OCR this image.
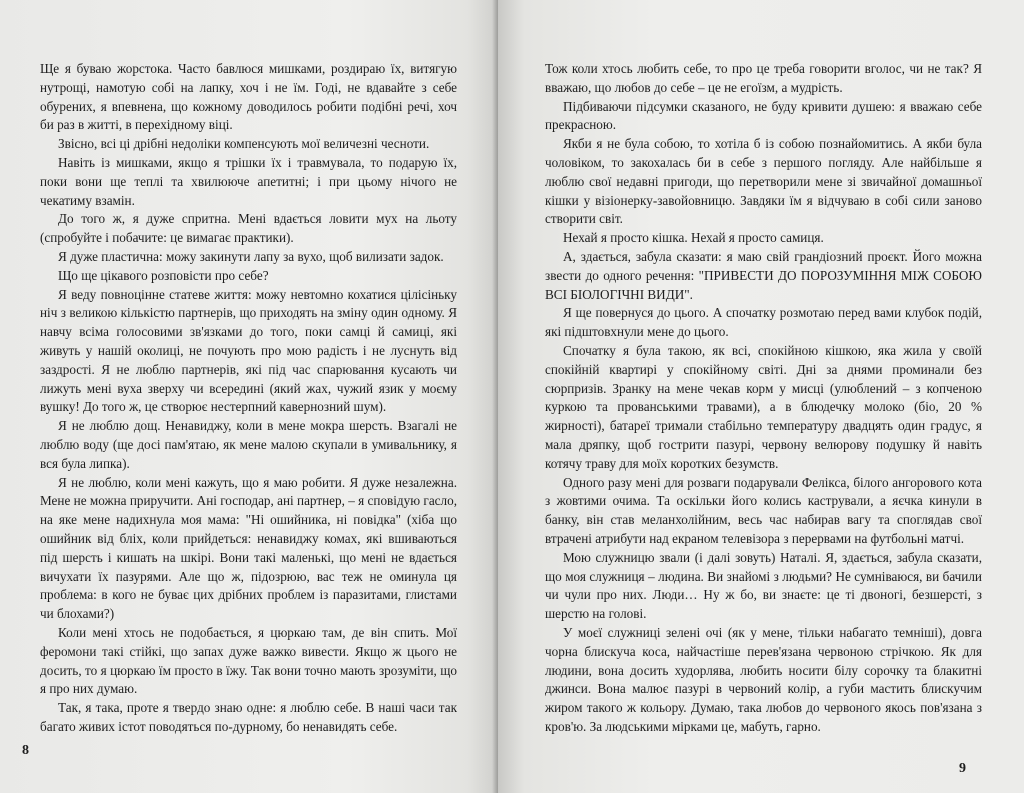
Ще я буваю жорстока. Часто бавлюся мишками, роздираю їх, витягую нутрощі, намотую собі на лапку, хоч і не їм. Годі, не вдавайте з себе обурених, я впевнена, що кожному доводилось робити подібні речі, хоч би раз в житті, в перехідному віці.

Звісно, всі ці дрібні недоліки компенсують мої величезні чесноти.

Навіть із мишками, якщо я трішки їх і травмувала, то подарую їх, поки вони ще теплі та хвилююче апетитні; і при цьому нічого не чекатиму взамін.

До того ж, я дуже спритна. Мені вдається ловити мух на льоту (спробуйте і побачите: це вимагає практики).

Я дуже пластична: можу закинути лапу за вухо, щоб вилизати задок.

Що ще цікавого розповісти про себе?

Я веду повноцінне статеве життя: можу невтомно кохатися цілісіньку ніч з великою кількістю партнерів, що приходять на зміну один одному. Я навчу всіма голосовими зв'язками до того, поки самці й самиці, які живуть у нашій околиці, не почують про мою радість і не луснуть від заздрості. Я не люблю партнерів, які під час спарювання кусають чи лижуть мені вуха зверху чи всередині (який жах, чужий язик у моєму вушку! До того ж, це створює нестерпний кавернозний шум).

Я не люблю дощ. Ненавиджу, коли в мене мокра шерсть. Взагалі не люблю воду (ще досі пам'ятаю, як мене малою скупали в умивальнику, я вся була липка).

Я не люблю, коли мені кажуть, що я маю робити. Я дуже незалежна. Мене не можна приручити. Ані господар, ані партнер, – я сповідую гасло, на яке мене надихнула моя мама: "Ні ошийника, ні повідка" (хіба що ошийник від бліх, коли прийдеться: ненавиджу комах, які вшиваються під шерсть і кишать на шкірі. Вони такі маленькі, що мені не вдається вичухати їх пазурями. Але що ж, підозрюю, вас теж не оминула ця проблема: в кого не буває цих дрібних проблем із паразитами, глистами чи блохами?)

Коли мені хтось не подобається, я цюркаю там, де він спить. Мої феромони такі стійкі, що запах дуже важко вивести. Якщо ж цього не досить, то я цюркаю їм просто в їжу. Так вони точно мають зрозуміти, що я про них думаю.

Так, я така, проте я твердо знаю одне: я люблю себе. В наші часи так багато живих істот поводяться по-дурному, бо ненавидять себе.

8

Тож коли хтось любить себе, то про це треба говорити вголос, чи не так? Я вважаю, що любов до себе – це не егоїзм, а мудрість.

Підбиваючи підсумки сказаного, не буду кривити душею: я вважаю себе прекрасною.

Якби я не була собою, то хотіла б із собою познайомитись. А якби була чоловіком, то закохалась би в себе з першого погляду. Але найбільше я люблю свої недавні пригоди, що перетворили мене зі звичайної домашньої кішки у візіонерку-завойовницю. Завдяки їм я відчуваю в собі сили заново створити світ.

Нехай я просто кішка. Нехай я просто самиця.

А, здається, забула сказати: я маю свій грандіозний проєкт. Його можна звести до одного речення: "ПРИВЕСТИ ДО ПОРОЗУМІННЯ МІЖ СОБОЮ ВСІ БІОЛОГІЧНІ ВИДИ".

Я ще повернуся до цього. А спочатку розмотаю перед вами клубок подій, які підштовхнули мене до цього.

Спочатку я була такою, як всі, спокійною кішкою, яка жила у своїй спокійній квартирі у спокійному світі. Дні за днями проминали без сюрпризів. Зранку на мене чекав корм у мисці (улюблений – з копченою куркою та прованськими травами), а в блюдечку молоко (біо, 20 % жирності), батареї тримали стабільно температуру двадцять один градус, я мала дряпку, щоб гострити пазурі, червону велюрову подушку й навіть котячу траву для моїх коротких безумств.

Одного разу мені для розваги подарували Фелікса, білого ангорового кота з жовтими очима. Та оскільки його колись кастрували, а яєчка кинули в банку, він став меланхолійним, весь час набирав вагу та споглядав свої втрачені атрибути над екраном телевізора з перервами на футбольні матчі.

Мою служницю звали (і далі зовуть) Наталі. Я, здається, забула сказати, що моя служниця – людина. Ви знайомі з людьми? Не сумніваюся, ви бачили чи чули про них. Люди… Ну ж бо, ви знаєте: це ті двоногі, безшерсті, з шерстю на голові.

У моєї служниці зелені очі (як у мене, тільки набагато темніші), довга чорна блискуча коса, найчастіше перев'язана червоною стрічкою. Як для людини, вона досить худорлява, любить носити білу сорочку та блакитні джинси. Вона малює пазурі в червоний колір, а губи мастить блискучим жиром такого ж кольору. Думаю, така любов до червоного якось пов'язана з кров'ю. За людськими мірками це, мабуть, гарно.

9
